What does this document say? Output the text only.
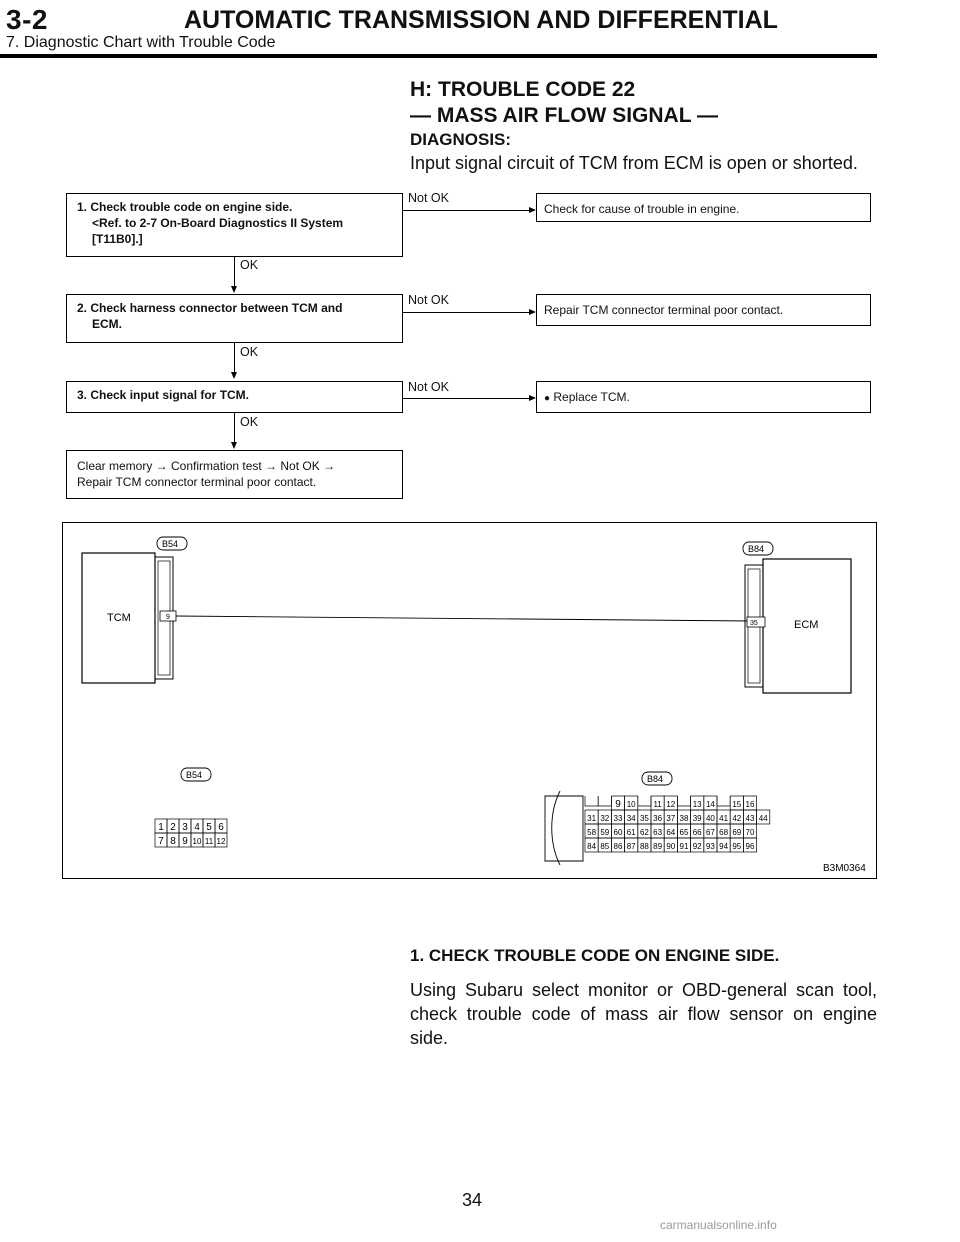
3-2	AUTOMATIC TRANSMISSION AND DIFFERENTIAL
7. Diagnostic Chart with Trouble Code
H: TROUBLE CODE 22
— MASS AIR FLOW SIGNAL —
DIAGNOSIS:
Input signal circuit of TCM from ECM is open or shorted.
1. Check trouble code on engine side.
<Ref. to 2-7 On-Board Diagnostics II System
[T11B0].]
Not OK
Check for cause of trouble in engine.
OK
2. Check harness connector between TCM and
ECM.
Not OK
Repair TCM connector terminal poor contact.
OK
3. Check input signal for TCM.
Not OK
● Replace TCM.
OK
Clear memory → Confirmation test → Not OK →
Repair TCM connector terminal poor contact.
9
TCM
B54
35	ECM
B84
B54
1 2 3 4 5 6
7 8 9 10 11 12
B84
9 10 11 12 13 14 15 16
31 32 33 34 35 36 37 38 39 40 41 42 43 44
58 59 60 61 62 63 64 65 66 67 68 69 70
84 85 86 87 88 89 90 91 92 93 94 95 96
B3M0364
1. CHECK TROUBLE CODE ON ENGINE SIDE.
Using Subaru select monitor or OBD-general scan tool, check trouble code of mass air flow sensor on engine side.
34
carmanualsonline.info
